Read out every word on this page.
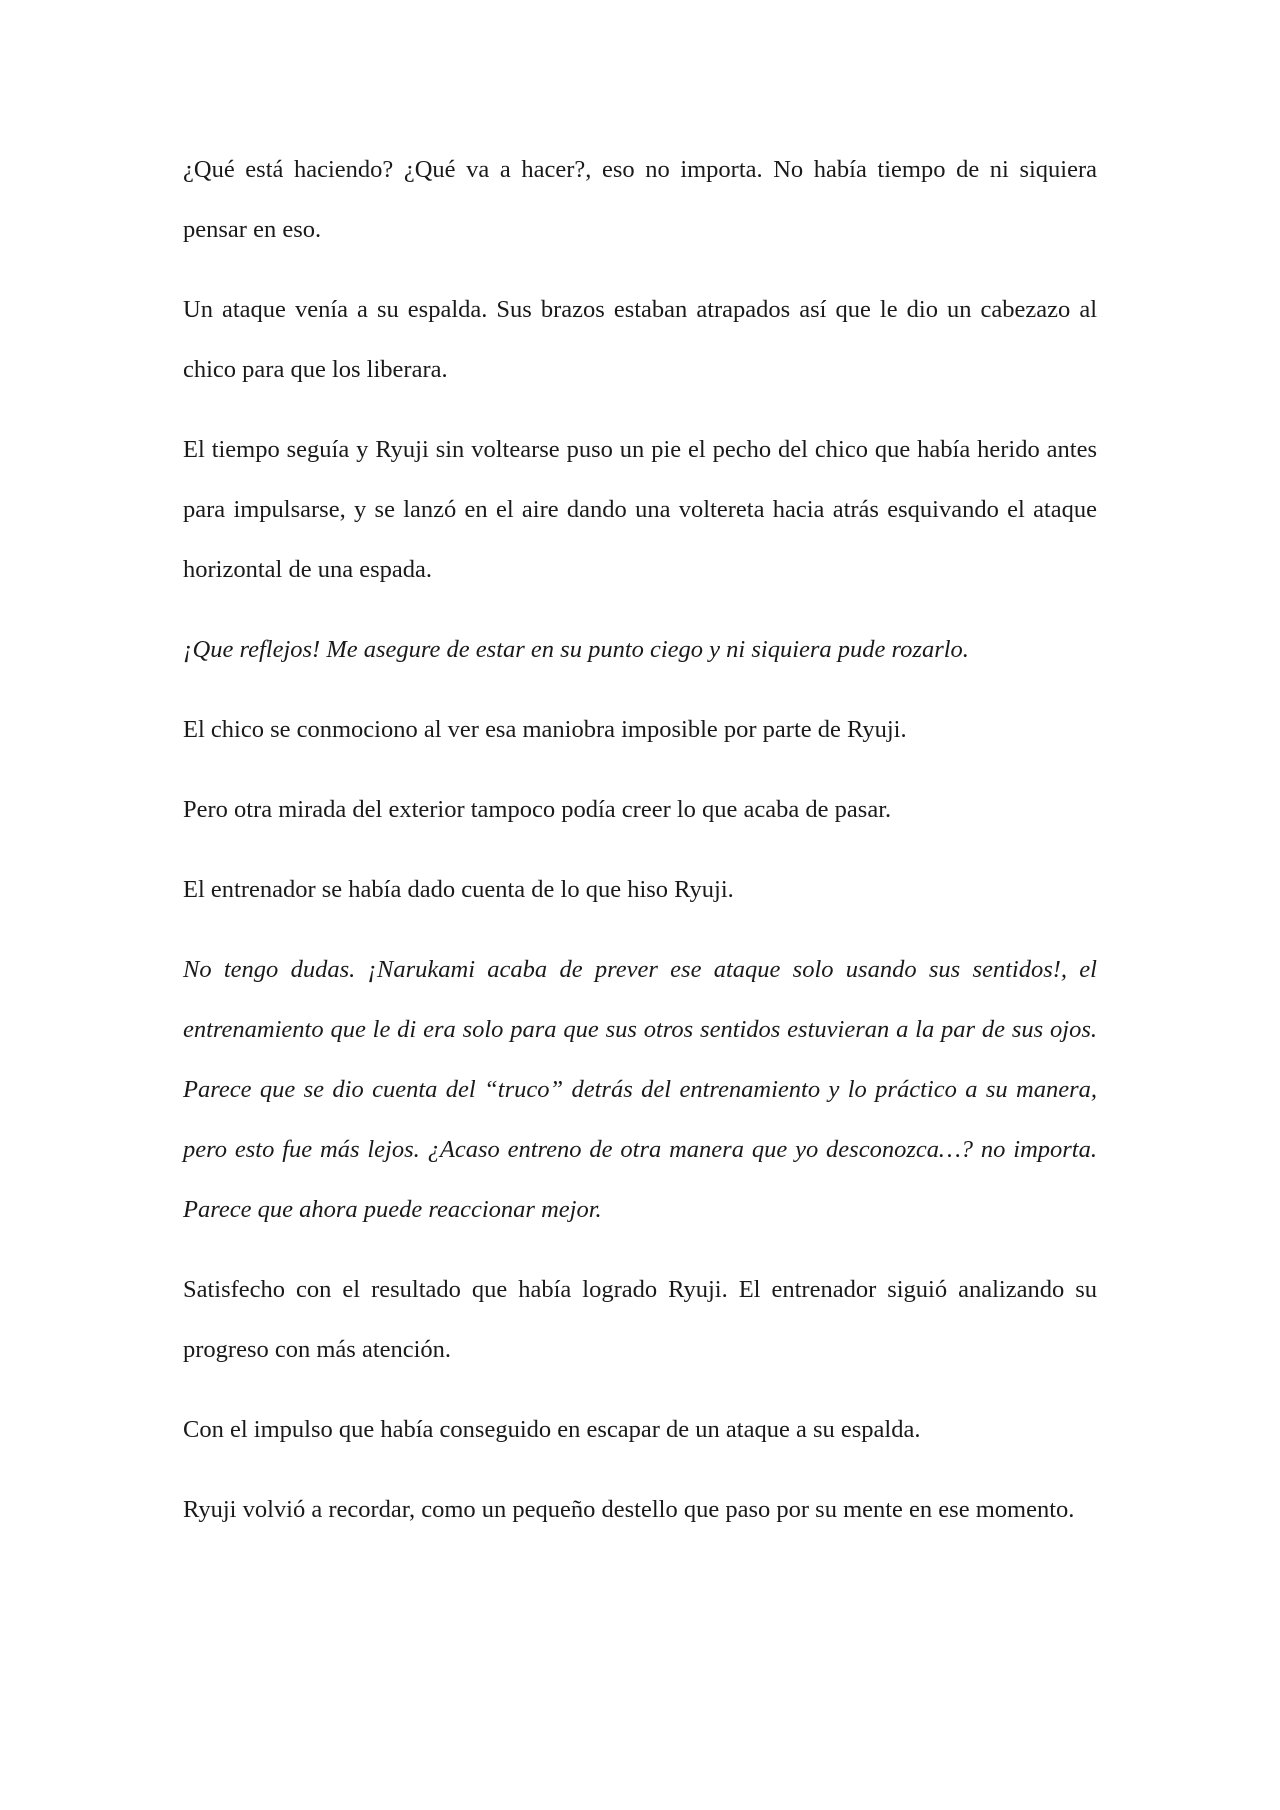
¿Qué está haciendo? ¿Qué va a hacer?, eso no importa. No había tiempo de ni siquiera pensar en eso.

Un ataque venía a su espalda. Sus brazos estaban atrapados así que le dio un cabezazo al chico para que los liberara.

El tiempo seguía y Ryuji sin voltearse puso un pie el pecho del chico que había herido antes para impulsarse, y se lanzó en el aire dando una voltereta hacia atrás esquivando el ataque horizontal de una espada.

¡Que reflejos! Me asegure de estar en su punto ciego y ni siquiera pude rozarlo.

El chico se conmociono al ver esa maniobra imposible por parte de Ryuji.

Pero otra mirada del exterior tampoco podía creer lo que acaba de pasar.

El entrenador se había dado cuenta de lo que hiso Ryuji.

No tengo dudas. ¡Narukami acaba de prever ese ataque solo usando sus sentidos!, el entrenamiento que le di era solo para que sus otros sentidos estuvieran a la par de sus ojos. Parece que se dio cuenta del “truco” detrás del entrenamiento y lo práctico a su manera, pero esto fue más lejos. ¿Acaso entreno de otra manera que yo desconozca…? no importa. Parece que ahora puede reaccionar mejor.

Satisfecho con el resultado que había logrado Ryuji. El entrenador siguió analizando su progreso con más atención.

Con el impulso que había conseguido en escapar de un ataque a su espalda.

Ryuji volvió a recordar, como un pequeño destello que paso por su mente en ese momento.
